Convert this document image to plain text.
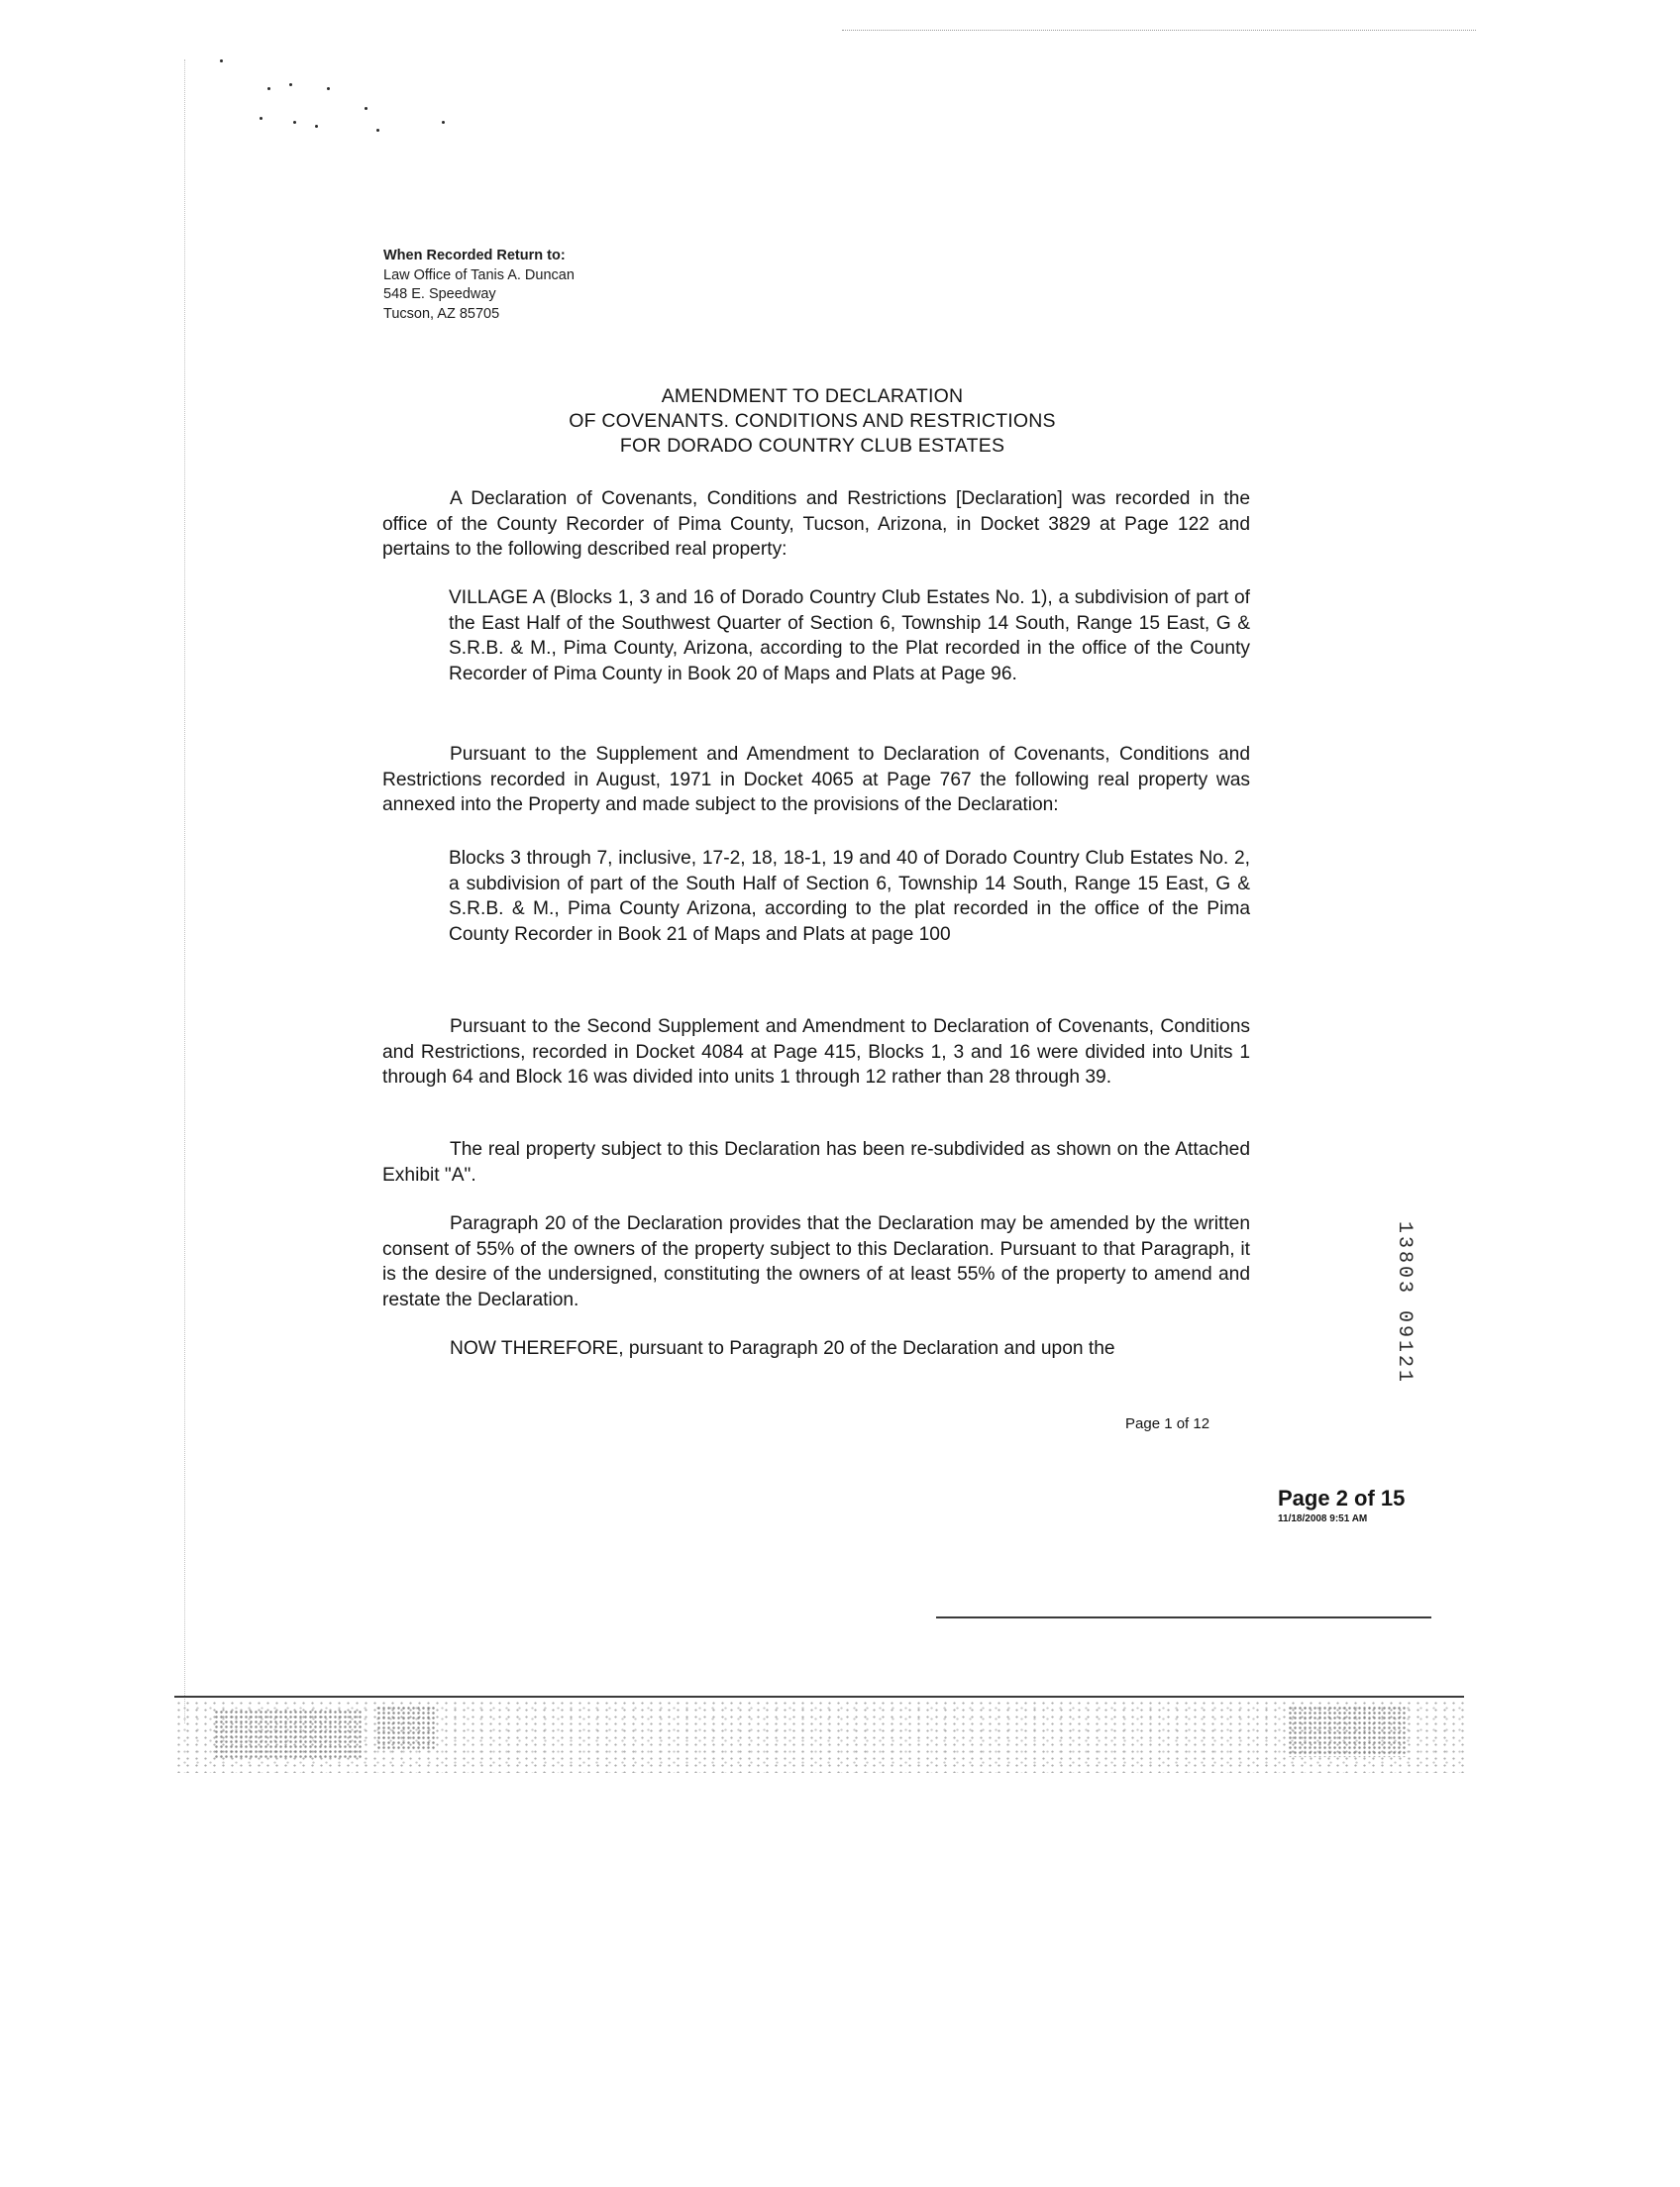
When Recorded Return to:
Law Office of Tanis A. Duncan
548 E. Speedway
Tucson, AZ 85705
AMENDMENT TO DECLARATION
OF COVENANTS. CONDITIONS AND RESTRICTIONS
FOR DORADO COUNTRY CLUB ESTATES
A Declaration of Covenants, Conditions and Restrictions [Declaration] was recorded in the office of the County Recorder of Pima County, Tucson, Arizona, in Docket 3829 at Page 122 and pertains to the following described real property:
VILLAGE A (Blocks 1, 3 and 16 of Dorado Country Club Estates No. 1), a subdivision of part of the East Half of the Southwest Quarter of Section 6, Township 14 South, Range 15 East, G & S.R.B. & M., Pima County, Arizona, according to the Plat recorded in the office of the County Recorder of Pima County in Book 20 of Maps and Plats at Page 96.
Pursuant to the Supplement and Amendment to Declaration of Covenants, Conditions and Restrictions recorded in August, 1971 in Docket 4065 at Page 767 the following real property was annexed into the Property and made subject to the provisions of the Declaration:
Blocks 3 through 7, inclusive, 17-2, 18, 18-1, 19 and 40 of Dorado Country Club Estates No. 2, a subdivision of part of the South Half of Section 6, Township 14 South, Range 15 East, G & S.R.B. & M., Pima County Arizona, according to the plat recorded in the office of the Pima County Recorder in Book 21 of Maps and Plats at page 100
Pursuant to the Second Supplement and Amendment to Declaration of Covenants, Conditions and Restrictions, recorded in Docket 4084 at Page 415, Blocks 1, 3 and 16 were divided into Units 1 through 64 and Block 16 was divided into units 1 through 12 rather than 28 through 39.
The real property subject to this Declaration has been re-subdivided as shown on the Attached Exhibit "A".
Paragraph 20 of the Declaration provides that the Declaration may be amended by the written consent of 55% of the owners of the property subject to this Declaration. Pursuant to that Paragraph, it is the desire of the undersigned, constituting the owners of at least 55% of the property to amend and restate the Declaration.
NOW THEREFORE, pursuant to Paragraph 20 of the Declaration and upon the	13803 09121
Page 1 of 12
Page 2 of 15
11/18/2008 9:51 AM
